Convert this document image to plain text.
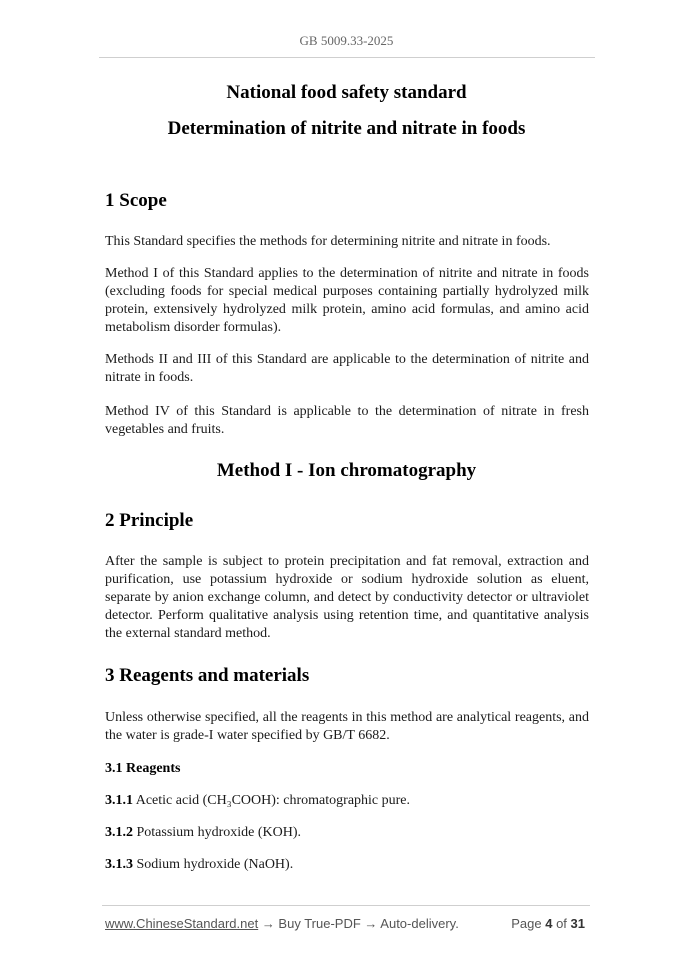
GB 5009.33-2025
National food safety standard
Determination of nitrite and nitrate in foods
1 Scope
This Standard specifies the methods for determining nitrite and nitrate in foods.
Method I of this Standard applies to the determination of nitrite and nitrate in foods (excluding foods for special medical purposes containing partially hydrolyzed milk protein, extensively hydrolyzed milk protein, amino acid formulas, and amino acid metabolism disorder formulas).
Methods II and III of this Standard are applicable to the determination of nitrite and nitrate in foods.
Method IV of this Standard is applicable to the determination of nitrate in fresh vegetables and fruits.
Method I - Ion chromatography
2 Principle
After the sample is subject to protein precipitation and fat removal, extraction and purification, use potassium hydroxide or sodium hydroxide solution as eluent, separate by anion exchange column, and detect by conductivity detector or ultraviolet detector. Perform qualitative analysis using retention time, and quantitative analysis the external standard method.
3 Reagents and materials
Unless otherwise specified, all the reagents in this method are analytical reagents, and the water is grade-I water specified by GB/T 6682.
3.1 Reagents
3.1.1 Acetic acid (CH₃COOH): chromatographic pure.
3.1.2 Potassium hydroxide (KOH).
3.1.3 Sodium hydroxide (NaOH).
www.ChineseStandard.net → Buy True-PDF → Auto-delivery.	Page 4 of 31
